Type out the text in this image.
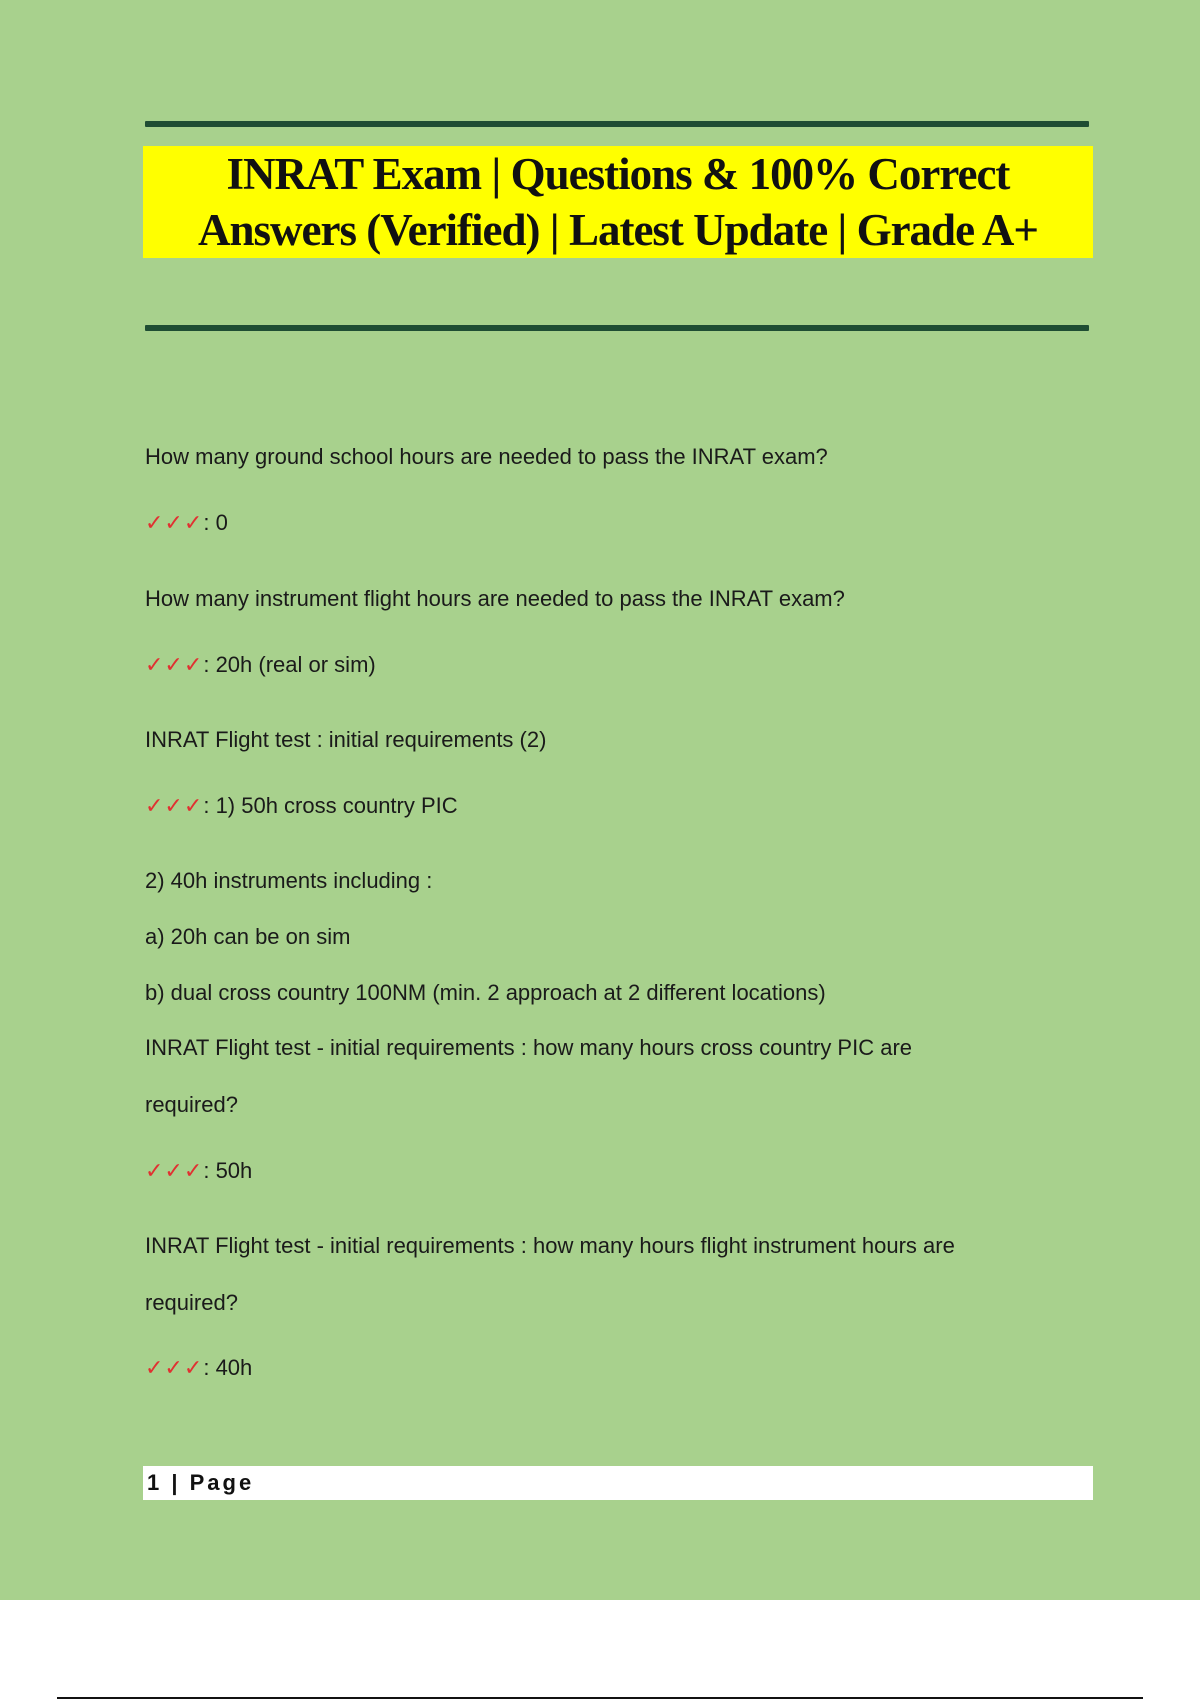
INRAT Exam | Questions & 100% Correct
Answers (Verified) | Latest Update | Grade A+
How many ground school hours are needed to pass the INRAT exam?
✓✓✓: 0
How many instrument flight hours are needed to pass the INRAT exam?
✓✓✓: 20h (real or sim)
INRAT Flight test : initial requirements (2)
✓✓✓: 1) 50h cross country PIC
2) 40h instruments including :
a) 20h can be on sim
b) dual cross country 100NM (min. 2 approach at 2 different locations)
INRAT Flight test - initial requirements : how many hours cross country PIC are
required?
✓✓✓: 50h
INRAT Flight test - initial requirements : how many hours flight instrument hours are
required?
✓✓✓: 40h
1 | Page
